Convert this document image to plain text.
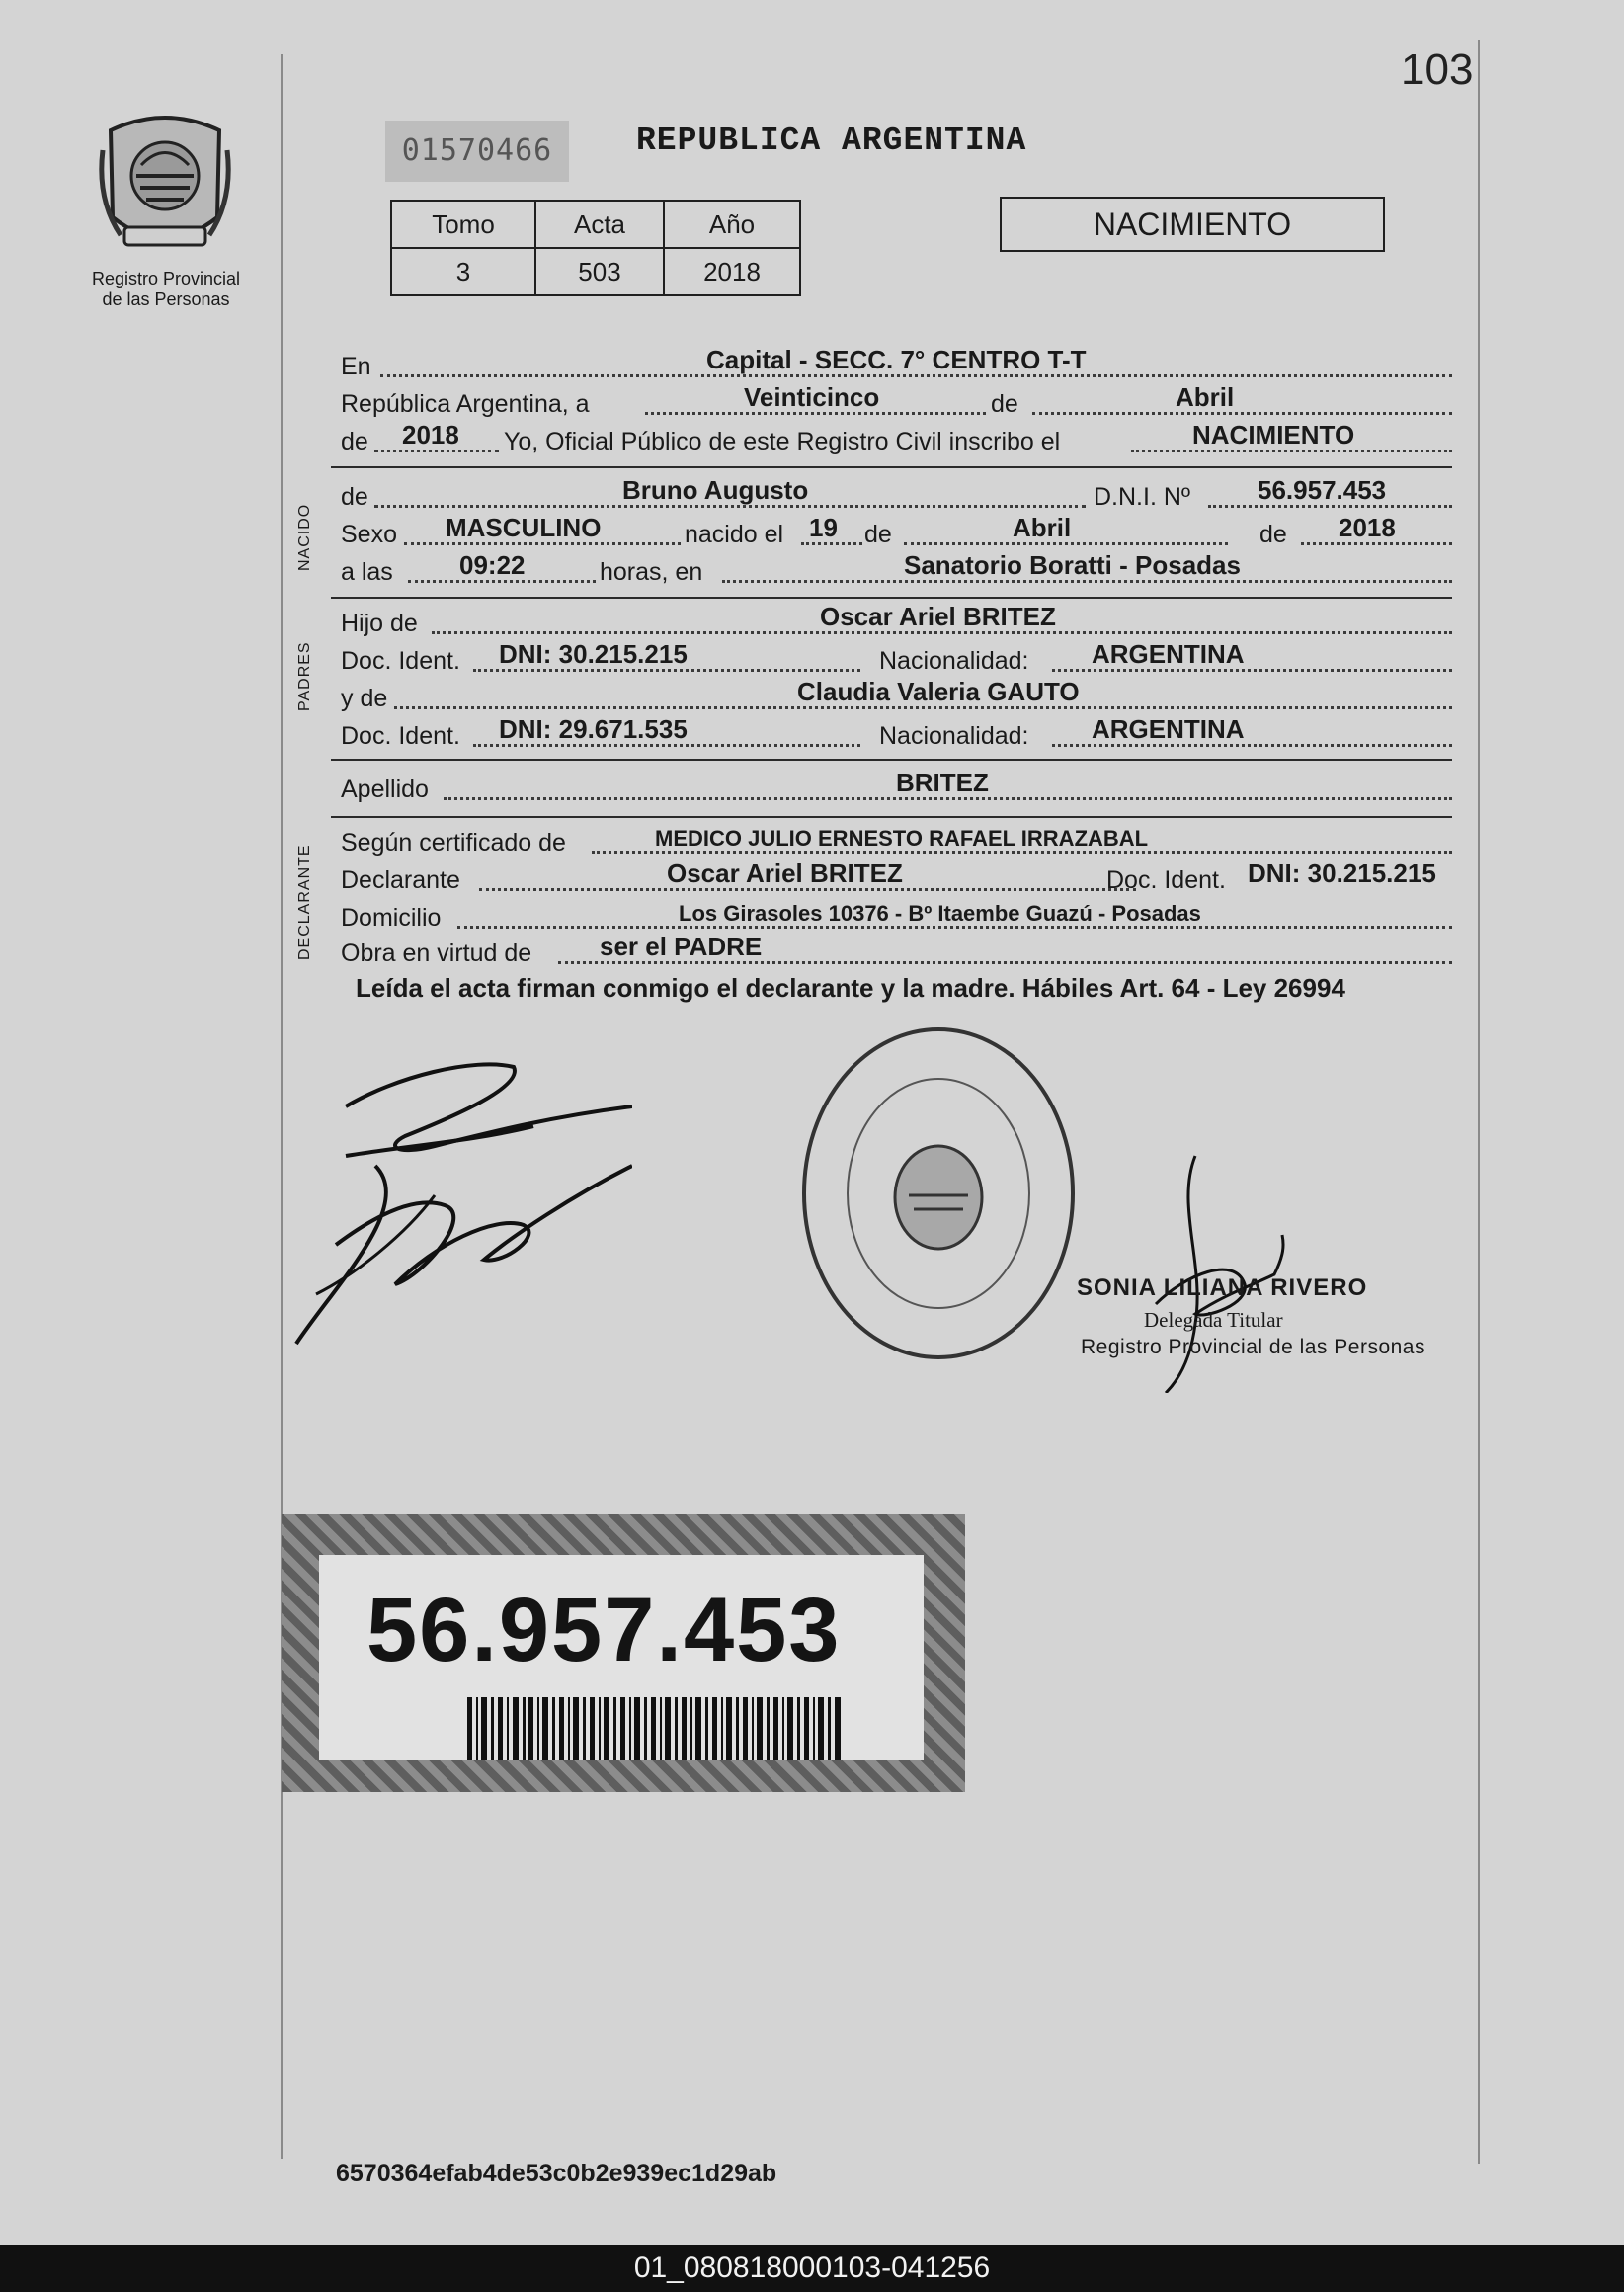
103
Registro Provincial
de las Personas
01570466	REPUBLICA ARGENTINA
Tomo	Acta	Año
3	503	2018
NACIMIENTO
En	Capital - SECC. 7° CENTRO T-T
República Argentina, a	Veinticinco	de	Abril
de 2018 Yo, Oficial Público de este Registro Civil inscribo el	NACIMIENTO
NACIDO
de	Bruno Augusto	D.N.I. Nº	56.957.453
Sexo MASCULINO	nacido el 19 de	Abril	de 2018
a las	09:22	horas, en	Sanatorio Boratti - Posadas
PADRES
Hijo de	Oscar Ariel BRITEZ
Doc. Ident. DNI: 30.215.215	Nacionalidad: ARGENTINA
y de	Claudia Valeria GAUTO
Doc. Ident. DNI: 29.671.535	Nacionalidad: ARGENTINA
Apellido	BRITEZ
DECLARANTE
Según certificado de	MEDICO JULIO ERNESTO RAFAEL IRRAZABAL
Declarante	Oscar Ariel BRITEZ	Doc. Ident. DNI: 30.215.215
Domicilio	Los Girasoles 10376 - Bº Itaembe Guazú - Posadas
Obra en virtud de	ser el PADRE
Leída el acta firman conmigo el declarante y la madre. Hábiles Art. 64 - Ley 26994
SONIA LILIANA RIVERO
Delegada Titular
Registro Provincial de las Personas
56.957.453
6570364efab4de53c0b2e939ec1d29ab
01_080818000103-041256
